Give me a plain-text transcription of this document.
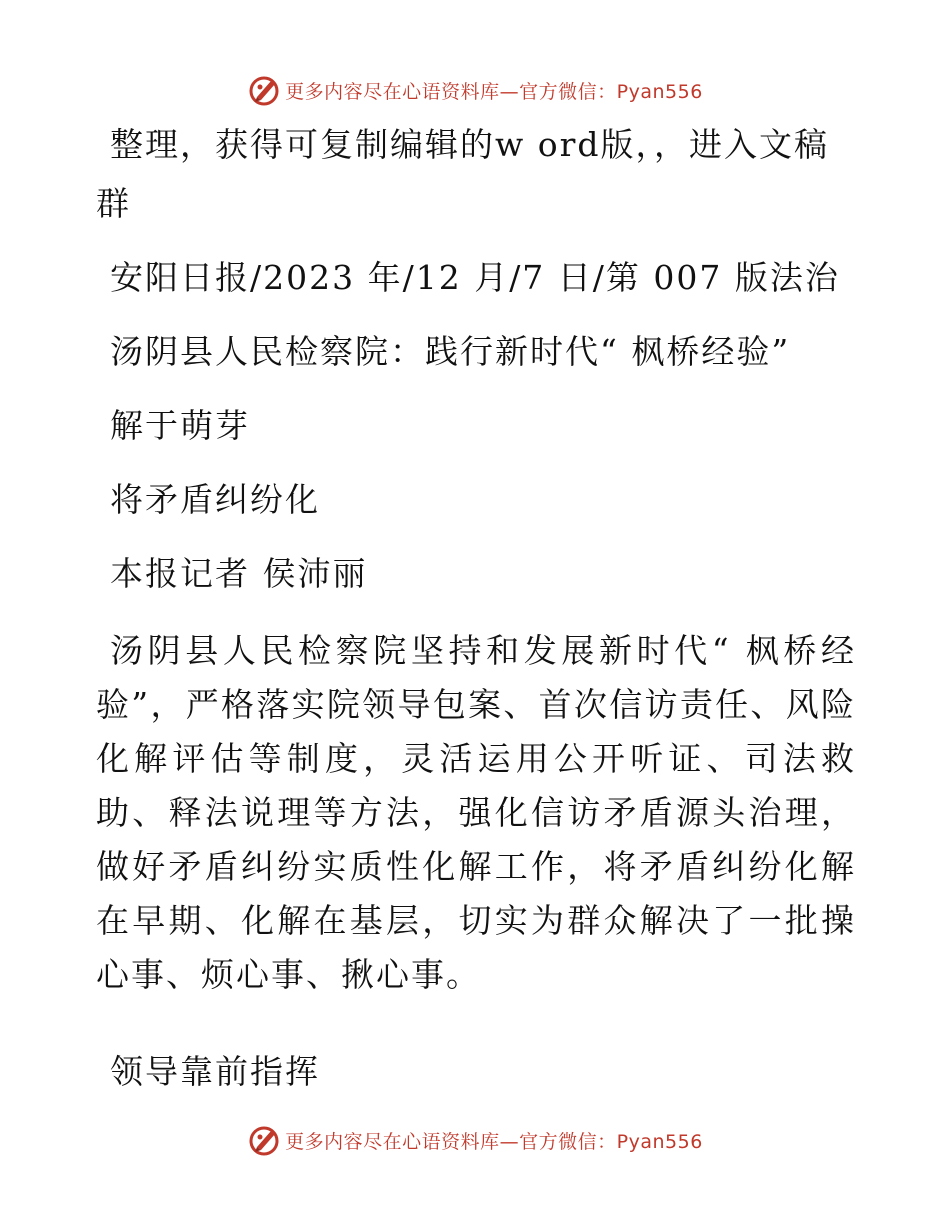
更多内容尽在心语资料库—官方微信：Pyan556
整理，获得可复制编辑的w ord版，，进入文稿
群
安阳日报/2023 年/12 月/7 日/第 007 版法治
汤阴县人民检察院：践行新时代“ 枫桥经验”
解于萌芽
将矛盾纠纷化
本报记者 侯沛丽
汤阴县人民检察院坚持和发展新时代“ 枫桥经验”，严格落实院领导包案、首次信访责任、风险化解评估等制度，灵活运用公开听证、司法救助、释法说理等方法，强化信访矛盾源头治理，做好矛盾纠纷实质性化解工作，将矛盾纠纷化解在早期、化解在基层，切实为群众解决了一批操心事、烦心事、揪心事。
领导靠前指挥
更多内容尽在心语资料库—官方微信：Pyan556
